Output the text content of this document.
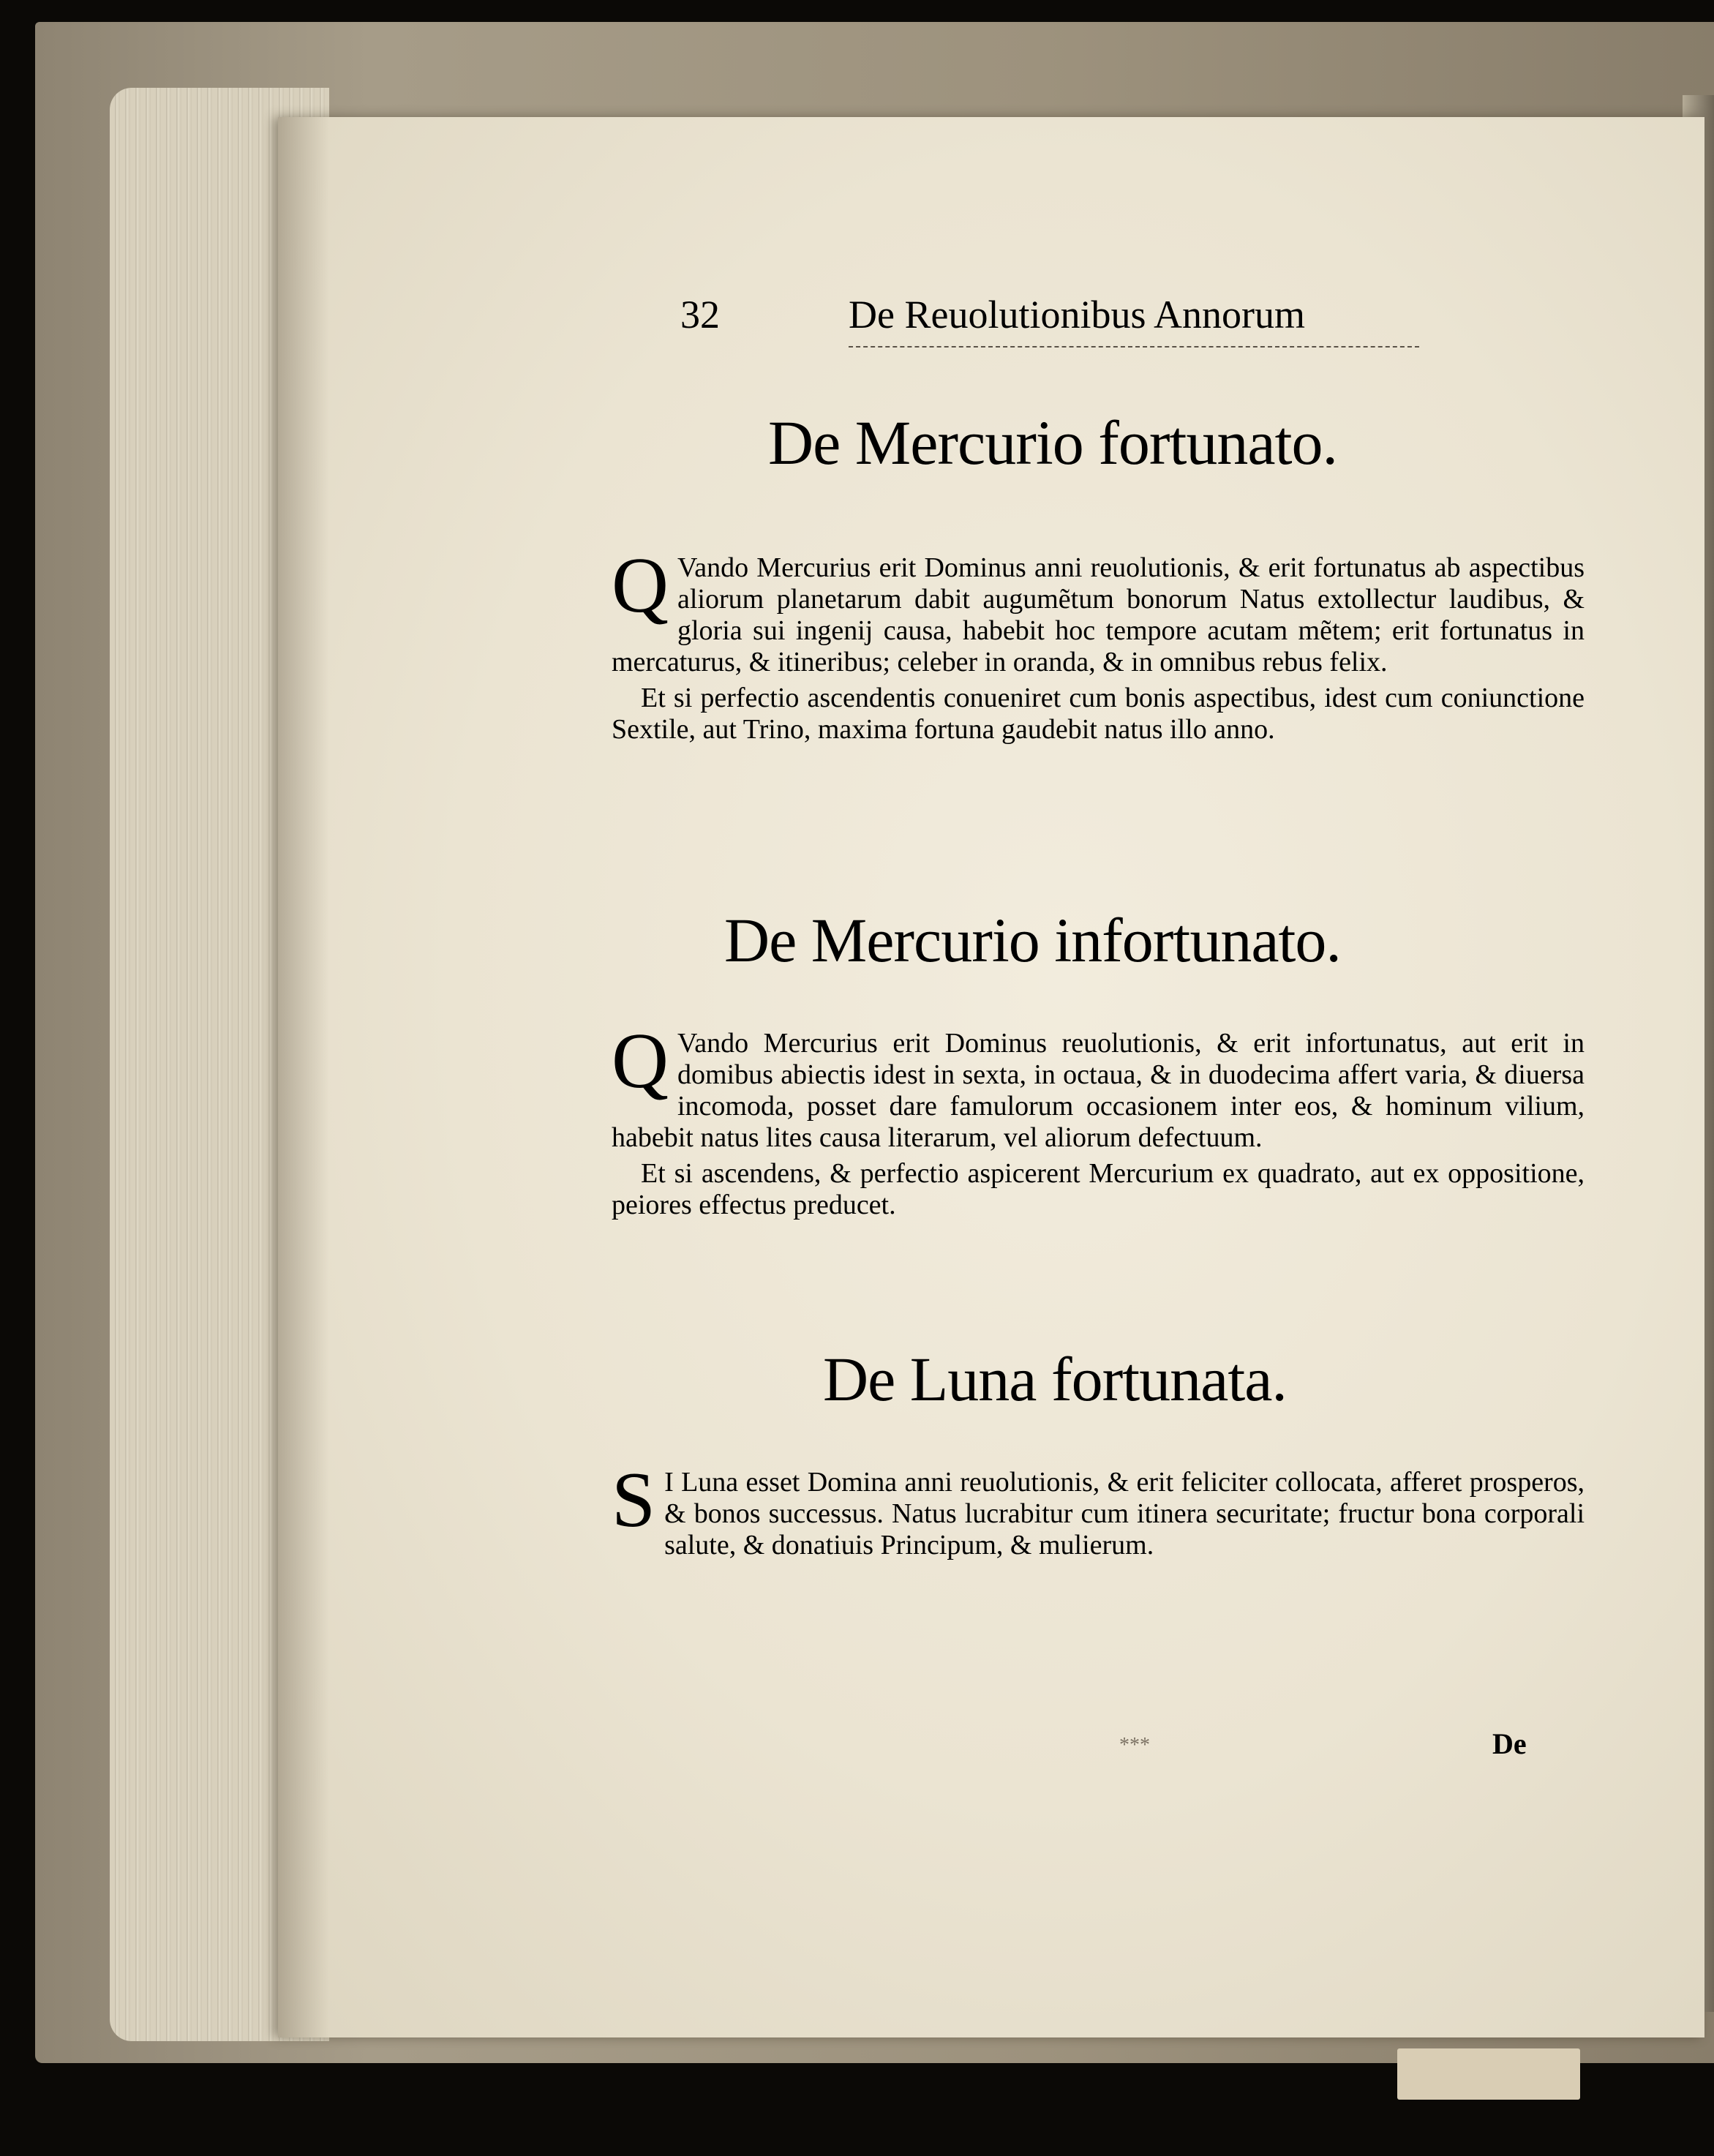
32	De Reuolutionibus Annorum
De Mercurio fortunato.

Q Vando Mercurius erit Dominus anni reuolutionis, & erit fortunatus ab aspectibus aliorum planetarum dabit augumẽtum bonorum Natus extollectur laudibus, & gloria sui ingenij causa, habebit hoc tempore acutam mẽtem; erit fortunatus in mercaturus, & itineribus; celeber in oranda, & in omnibus rebus felix.

Et si perfectio ascendentis conueniret cum bonis aspectibus, idest cum coniunctione Sextile, aut Trino, maxima fortuna gaudebit natus illo anno.

De Mercurio infortunato.

Q Vando Mercurius erit Dominus reuolutionis, & erit infortunatus, aut erit in domibus abiectis idest in sexta, in octaua, & in duodecima affert varia, & diuersa incomoda, posset dare famulorum occasionem inter eos, & hominum vilium, habebit natus lites causa literarum, vel aliorum defectuum.

Et si ascendens, & perfectio aspicerent Mercurium ex quadrato, aut ex oppositione, peiores effectus preducet.

De Luna fortunata.

S I Luna esset Domina anni reuolutionis, & erit feliciter collocata, afferet prosperos, & bonos successus. Natus lucrabitur cum itinera securitate; fructur bona corporali salute, & donatiuis Principum, & mulierum.

***	De
